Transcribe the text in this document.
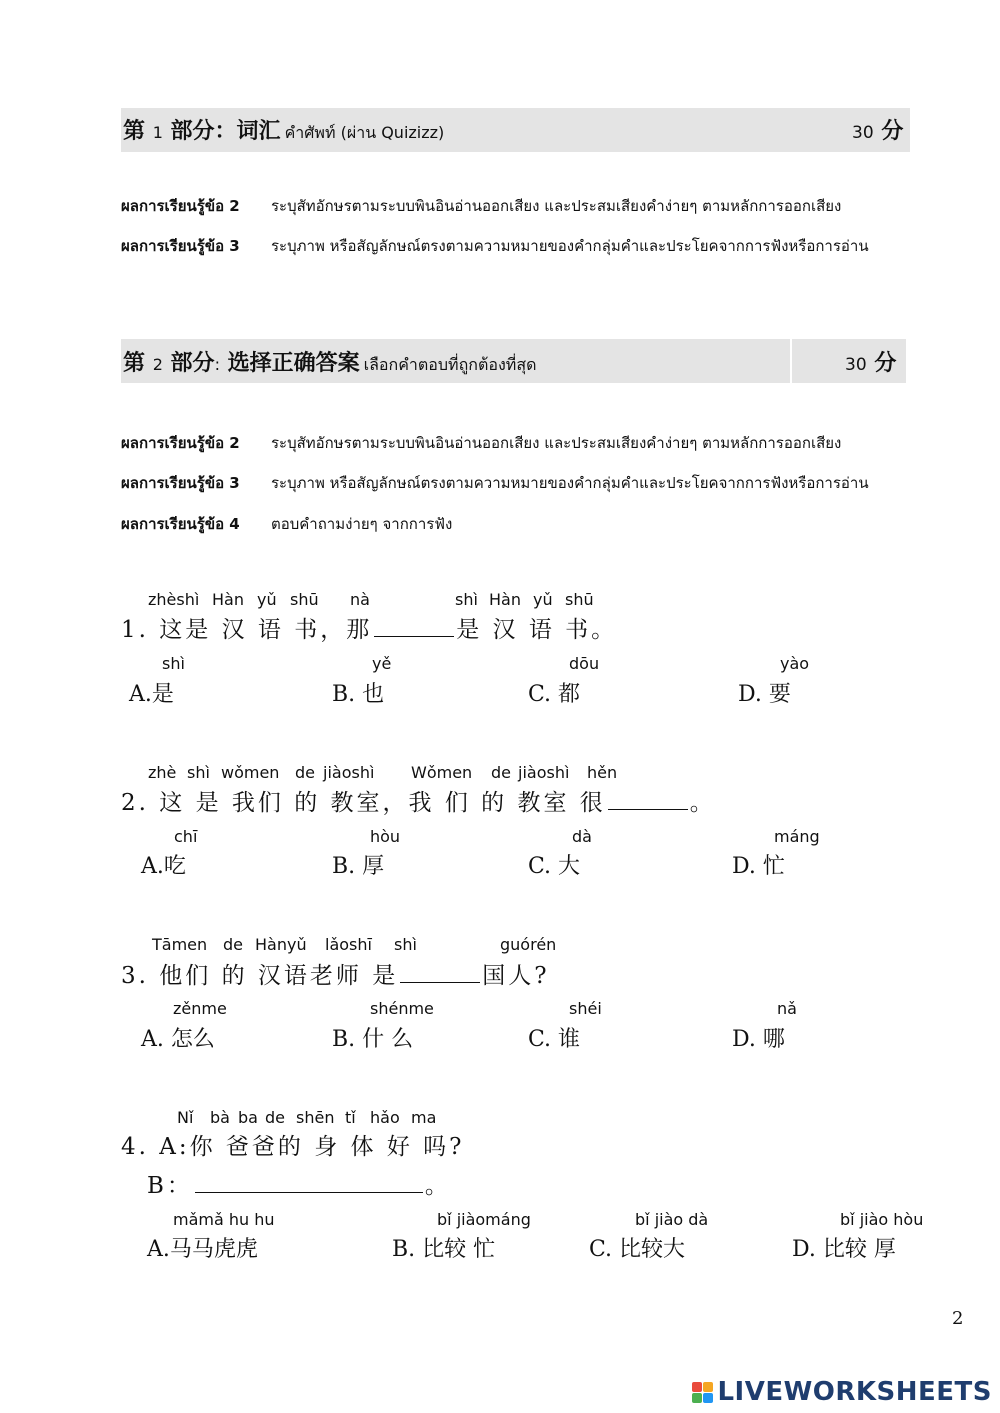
第 1 部分：词汇 คำศัพท์ (ผ่าน Quizizz)	30 分
ผลการเรียนรู้ข้อ 2 ระบุสัทอักษรตามระบบพินอินอ่านออกเสียง และประสมเสียงคำง่ายๆ ตามหลักการออกเสียง
ผลการเรียนรู้ข้อ 3 ระบุภาพ หรือสัญลักษณ์ตรงตามความหมายของคำกลุ่มคำและประโยคจากการฟังหรือการอ่าน
第 2 部分: 选择正确答案 เลือกคำตอบที่ถูกต้องที่สุด	30 分
ผลการเรียนรู้ข้อ 2 ระบุสัทอักษรตามระบบพินอินอ่านออกเสียง และประสมเสียงคำง่ายๆ ตามหลักการออกเสียง
ผลการเรียนรู้ข้อ 3 ระบุภาพ หรือสัญลักษณ์ตรงตามความหมายของคำกลุ่มคำและประโยคจากการฟังหรือการอ่าน
ผลการเรียนรู้ข้อ 4 ตอบคำถามง่ายๆ จากการฟัง
zhèshì Hàn yǔ shū nà	shì Hàn yǔ shū
1. 这是 汉 语 书，那	是 汉 语 书。
shì	yě	dōu	yào
A.是	B. 也	C. 都	D. 要
zhè shì wǒmen de jiàoshì Wǒmen de jiàoshì hěn
2. 这 是 我们 的 教室，我 们 的 教室 很	。
chī	hòu	dà	máng
A.吃	B. 厚	C. 大	D. 忙
Tāmen de Hànyǔ lǎoshī shì	guórén
3. 他们 的 汉语老师 是	国人?
zěnme	shénme	shéi	nǎ
A. 怎么	B. 什 么	C. 谁	D. 哪
Nǐ bà ba de shēn tǐ hǎo ma
4. A:你 爸爸的 身 体 好 吗?
B：	。
mǎmǎ hu hu	bǐ jiàománg	bǐ jiào dà	bǐ jiào hòu
A.马马虎虎	B. 比较 忙	C. 比较大	D. 比较 厚
2
LIVEWORKSHEETS
